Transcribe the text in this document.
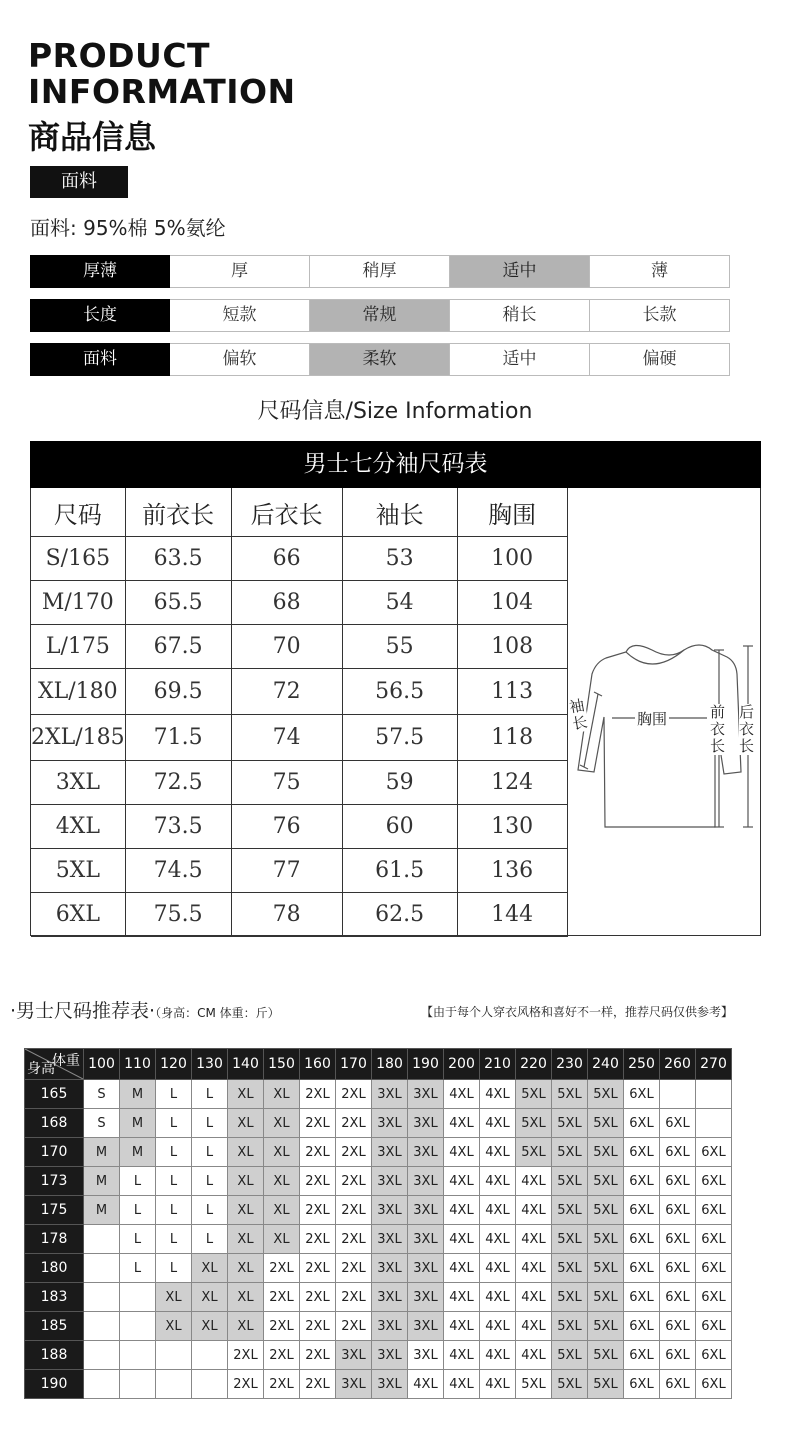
PRODUCT
INFORMATION
商品信息
面料
面料: 95%棉 5%氨纶
厚薄	厚	稍厚	适中	薄
长度	短款	常规	稍长	长款
面料	偏软	柔软	适中	偏硬
尺码信息/Size Information
男士七分袖尺码表
尺码	前衣长	后衣长	袖长	胸围
S/165	63.5	66	53	100
M/170	65.5	68	54	104
L/175	67.5	70	55	108
XL/180	69.5	72	56.5	113
2XL/185	71.5	74	57.5	118
3XL	72.5	75	59	124
4XL	73.5	76	60	130
5XL	74.5	77	61.5	136
6XL	75.5	78	62.5	144
袖长	胸围	前衣长
后衣长
·男士尺码推荐表·（身高：CM 体重：斤）	【由于每个人穿衣风格和喜好不一样，推荐尺码仅供参考】
体重
身高	100	110	120	130	140	150	160	170	180	190	200	210	220	230	240	250	260	270
165	S	M	L	L	XL	XL	2XL	2XL	3XL	3XL	4XL	4XL	5XL	5XL	5XL	6XL		
168	S	M	L	L	XL	XL	2XL	2XL	3XL	3XL	4XL	4XL	5XL	5XL	5XL	6XL	6XL	
170	M	M	L	L	XL	XL	2XL	2XL	3XL	3XL	4XL	4XL	5XL	5XL	5XL	6XL	6XL	6XL
173	M	L	L	L	XL	XL	2XL	2XL	3XL	3XL	4XL	4XL	4XL	5XL	5XL	6XL	6XL	6XL
175	M	L	L	L	XL	XL	2XL	2XL	3XL	3XL	4XL	4XL	4XL	5XL	5XL	6XL	6XL	6XL
178		L	L	L	XL	XL	2XL	2XL	3XL	3XL	4XL	4XL	4XL	5XL	5XL	6XL	6XL	6XL
180		L	L	XL	XL	2XL	2XL	2XL	3XL	3XL	4XL	4XL	4XL	5XL	5XL	6XL	6XL	6XL
183			XL	XL	XL	2XL	2XL	2XL	3XL	3XL	4XL	4XL	4XL	5XL	5XL	6XL	6XL	6XL
185			XL	XL	XL	2XL	2XL	2XL	3XL	3XL	4XL	4XL	4XL	5XL	5XL	6XL	6XL	6XL
188					2XL	2XL	2XL	3XL	3XL	3XL	4XL	4XL	4XL	5XL	5XL	6XL	6XL	6XL
190					2XL	2XL	2XL	3XL	3XL	4XL	4XL	4XL	5XL	5XL	5XL	6XL	6XL	6XL
